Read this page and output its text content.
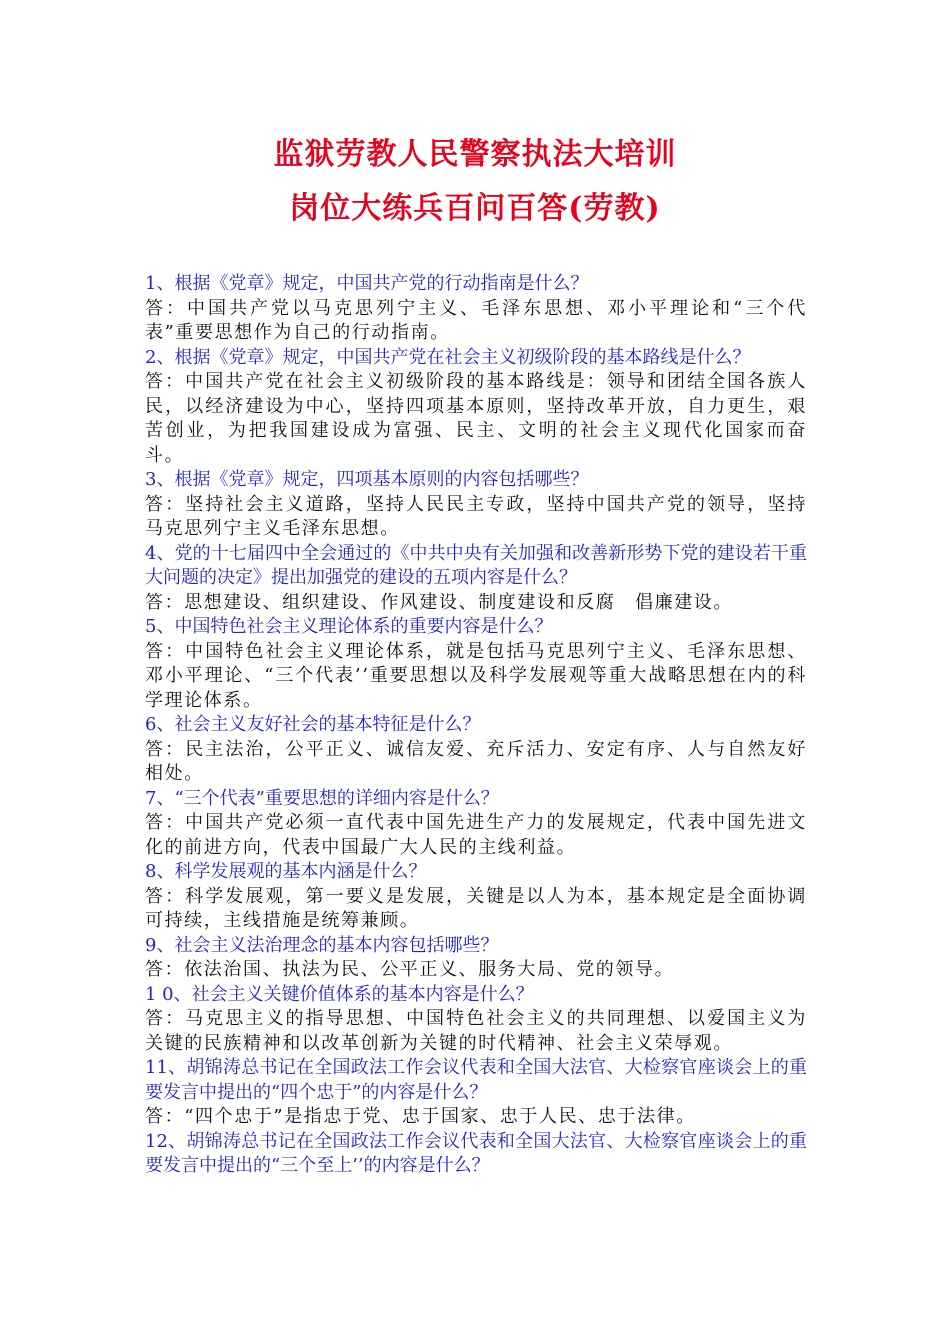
监狱劳教人民警察执法大培训
岗位大练兵百问百答(劳教)
1、根据《党章》规定，中国共产党的行动指南是什么？
答：中国共产党以马克思列宁主义、毛泽东思想、邓小平理论和“三个代表”重要思想作为自己的行动指南。
2、根据《党章》规定，中国共产党在社会主义初级阶段的基本路线是什么？
答：中国共产党在社会主义初级阶段的基本路线是：领导和团结全国各族人民，以经济建设为中心，坚持四项基本原则，坚持改革开放，自力更生，艰苦创业，为把我国建设成为富强、民主、文明的社会主义现代化国家而奋斗。
3、根据《党章》规定，四项基本原则的内容包括哪些？
答：坚持社会主义道路，坚持人民民主专政，坚持中国共产党的领导，坚持马克思列宁主义毛泽东思想。
4、党的十七届四中全会通过的《中共中央有关加强和改善新形势下党的建设若干重大问题的决定》提出加强党的建设的五项内容是什么？
答：思想建设、组织建设、作风建设、制度建设和反腐　倡廉建设。
5、中国特色社会主义理论体系的重要内容是什么？
答：中国特色社会主义理论体系，就是包括马克思列宁主义、毛泽东思想、邓小平理论、“三个代表’’重要思想以及科学发展观等重大战略思想在内的科学理论体系。
6、社会主义友好社会的基本特征是什么？
答：民主法治，公平正义、诚信友爱、充斥活力、安定有序、人与自然友好相处。
7、“三个代表”重要思想的详细内容是什么？
答：中国共产党必须一直代表中国先进生产力的发展规定，代表中国先进文化的前进方向，代表中国最广大人民的主线利益。
8、科学发展观的基本内涵是什么？
答：科学发展观，第一要义是发展，关键是以人为本，基本规定是全面协调可持续，主线措施是统筹兼顾。
9、社会主义法治理念的基本内容包括哪些？
答：依法治国、执法为民、公平正义、服务大局、党的领导。
1 0、社会主义关键价值体系的基本内容是什么？
答：马克思主义的指导思想、中国特色社会主义的共同理想、以爱国主义为关键的民族精神和以改革创新为关键的时代精神、社会主义荣辱观。
11、胡锦涛总书记在全国政法工作会议代表和全国大法官、大检察官座谈会上的重要发言中提出的“四个忠于”的内容是什么？
答：“四个忠于”是指忠于党、忠于国家、忠于人民、忠于法律。
12、胡锦涛总书记在全国政法工作会议代表和全国大法官、大检察官座谈会上的重要发言中提出的“三个至上’’的内容是什么？
